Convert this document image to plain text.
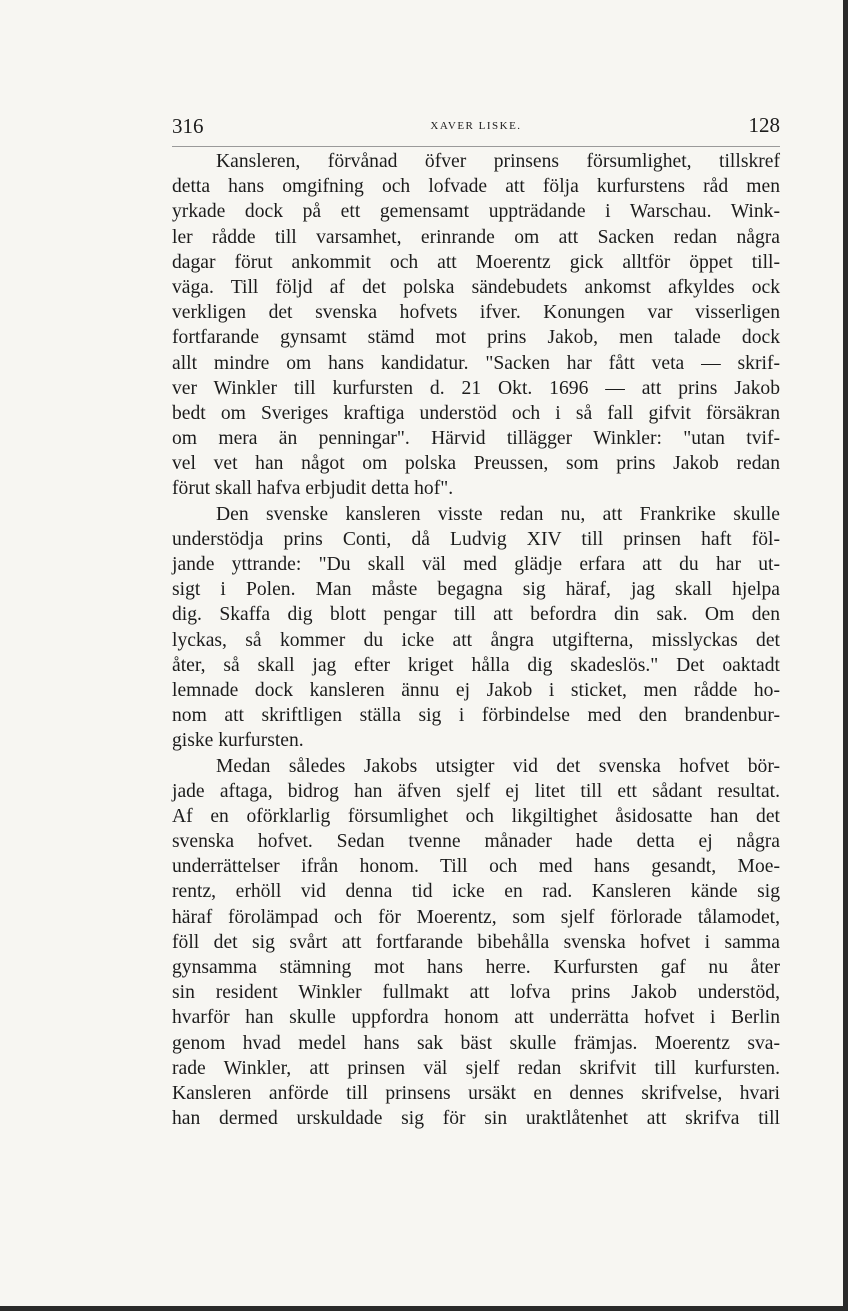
316	XAVER LISKE.	128
Kansleren, förvånad öfver prinsens försumlighet, tillskref
detta hans omgifning och lofvade att följa kurfurstens råd men
yrkade dock på ett gemensamt uppträdande i Warschau. Wink-
ler rådde till varsamhet, erinrande om att Sacken redan några
dagar förut ankommit och att Moerentz gick alltför öppet till-
väga. Till följd af det polska sändebudets ankomst afkyldes ock
verkligen det svenska hofvets ifver. Konungen var visserligen
fortfarande gynsamt stämd mot prins Jakob, men talade dock
allt mindre om hans kandidatur. "Sacken har fått veta — skrif-
ver Winkler till kurfursten d. 21 Okt. 1696 — att prins Jakob
bedt om Sveriges kraftiga understöd och i så fall gifvit försäkran
om mera än penningar". Härvid tillägger Winkler: "utan tvif-
vel vet han något om polska Preussen, som prins Jakob redan
förut skall hafva erbjudit detta hof".
Den svenske kansleren visste redan nu, att Frankrike skulle
understödja prins Conti, då Ludvig XIV till prinsen haft föl-
jande yttrande: "Du skall väl med glädje erfara att du har ut-
sigt i Polen. Man måste begagna sig häraf, jag skall hjelpa
dig. Skaffa dig blott pengar till att befordra din sak. Om den
lyckas, så kommer du icke att ångra utgifterna, misslyckas det
åter, så skall jag efter kriget hålla dig skadeslös." Det oaktadt
lemnade dock kansleren ännu ej Jakob i sticket, men rådde ho-
nom att skriftligen ställa sig i förbindelse med den brandenbur-
giske kurfursten.
Medan således Jakobs utsigter vid det svenska hofvet bör-
jade aftaga, bidrog han äfven sjelf ej litet till ett sådant resultat.
Af en oförklarlig försumlighet och likgiltighet åsidosatte han det
svenska hofvet. Sedan tvenne månader hade detta ej några
underrättelser ifrån honom. Till och med hans gesandt, Moe-
rentz, erhöll vid denna tid icke en rad. Kansleren kände sig
häraf förolämpad och för Moerentz, som sjelf förlorade tålamodet,
föll det sig svårt att fortfarande bibehålla svenska hofvet i samma
gynsamma stämning mot hans herre. Kurfursten gaf nu åter
sin resident Winkler fullmakt att lofva prins Jakob understöd,
hvarför han skulle uppfordra honom att underrätta hofvet i Berlin
genom hvad medel hans sak bäst skulle främjas. Moerentz sva-
rade Winkler, att prinsen väl sjelf redan skrifvit till kurfursten.
Kansleren anförde till prinsens ursäkt en dennes skrifvelse, hvari
han dermed urskuldade sig för sin uraktlåtenhet att skrifva till
